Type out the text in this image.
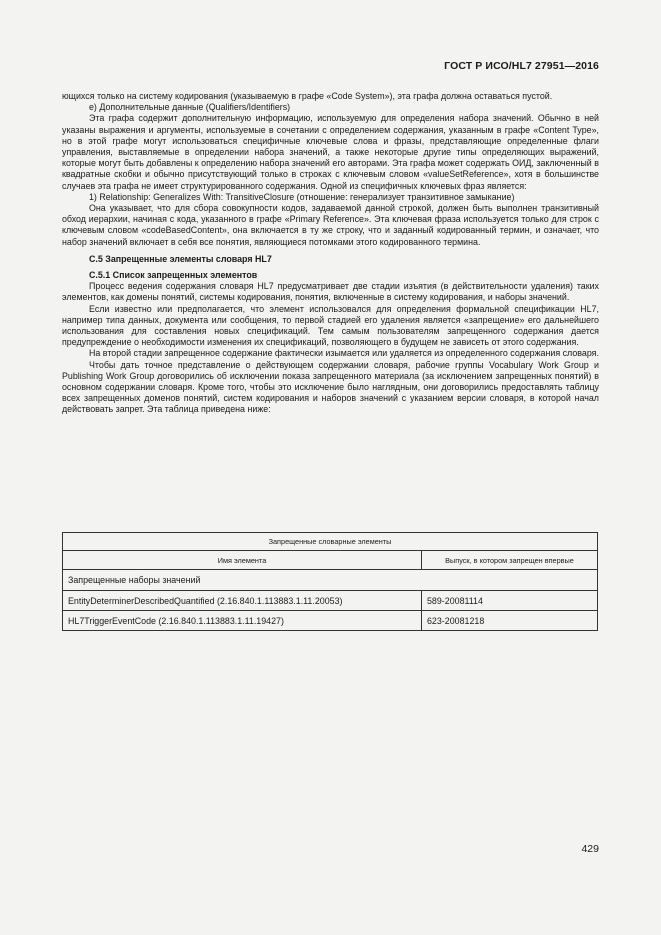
ГОСТ Р ИСО/HL7 27951—2016

ющихся только на систему кодирования (указываемую в графе «Code System»), эта графа должна оставаться пустой.

е) Дополнительные данные (Qualifiers/Identifiers)

Эта графа содержит дополнительную информацию, используемую для определения набора значений. Обычно в ней указаны выражения и аргументы, используемые в сочетании с определением содержания, указанным в графе «Content Type», но в этой графе могут использоваться специфичные ключевые слова и фразы, представляющие определенные флаги управления, выставляемые в определении набора значений, а также некоторые другие типы определяющих выражений, которые могут быть добавлены к определению набора значений его авторами. Эта графа может содержать ОИД, заключенный в квадратные скобки и обычно присутствующий только в строках с ключевым словом «valueSetReference», хотя в большинстве случаев эта графа не имеет структурированного содержания. Одной из специфичных ключевых фраз является:

1) Relationship: Generalizes With: TransitiveClosure (отношение: генерализует транзитивное замыкание)

Она указывает, что для сбора совокупности кодов, задаваемой данной строкой, должен быть выполнен транзитивный обход иерархии, начиная с кода, указанного в графе «Primary Reference». Эта ключевая фраза используется только для строк с ключевым словом «codeBasedContent», она включается в ту же строку, что и заданный кодированный термин, и означает, что набор значений включает в себя все понятия, являющиеся потомками этого кодированного термина.

С.5 Запрещенные элементы словаря HL7

С.5.1 Список запрещенных элементов

Процесс ведения содержания словаря HL7 предусматривает две стадии изъятия (в действительности удаления) таких элементов, как домены понятий, системы кодирования, понятия, включенные в систему кодирования, и наборы значений.

Если известно или предполагается, что элемент использовался для определения формальной спецификации HL7, например типа данных, документа или сообщения, то первой стадией его удаления является «запрещение» его дальнейшего использования для составления новых спецификаций. Тем самым пользователям запрещенного содержания дается предупреждение о необходимости изменения их спецификаций, позволяющего в будущем не зависеть от этого содержания.

На второй стадии запрещенное содержание фактически изымается или удаляется из определенного содержания словаря.

Чтобы дать точное представление о действующем содержании словаря, рабочие группы Vocabulary Work Group и Publishing Work Group договорились об исключении показа запрещенного материала (за исключением запрещенных понятий) в основном содержании словаря. Кроме того, чтобы это исключение было наглядным, они договорились предоставлять таблицу всех запрещенных доменов понятий, систем кодирования и наборов значений с указанием версии словаря, в которой начал действовать запрет. Эта таблица приведена ниже:

Запрещенные словарные элементы	
Имя элемента	Выпуск, в котором запрещен впервые
Запрещенные наборы значений	
EntityDeterminerDescribedQuantified (2.16.840.1.113883.1.11.20053)	589-20081114
HL7TriggerEventCode (2.16.840.1.113883.1.11.19427)	623-20081218
429
